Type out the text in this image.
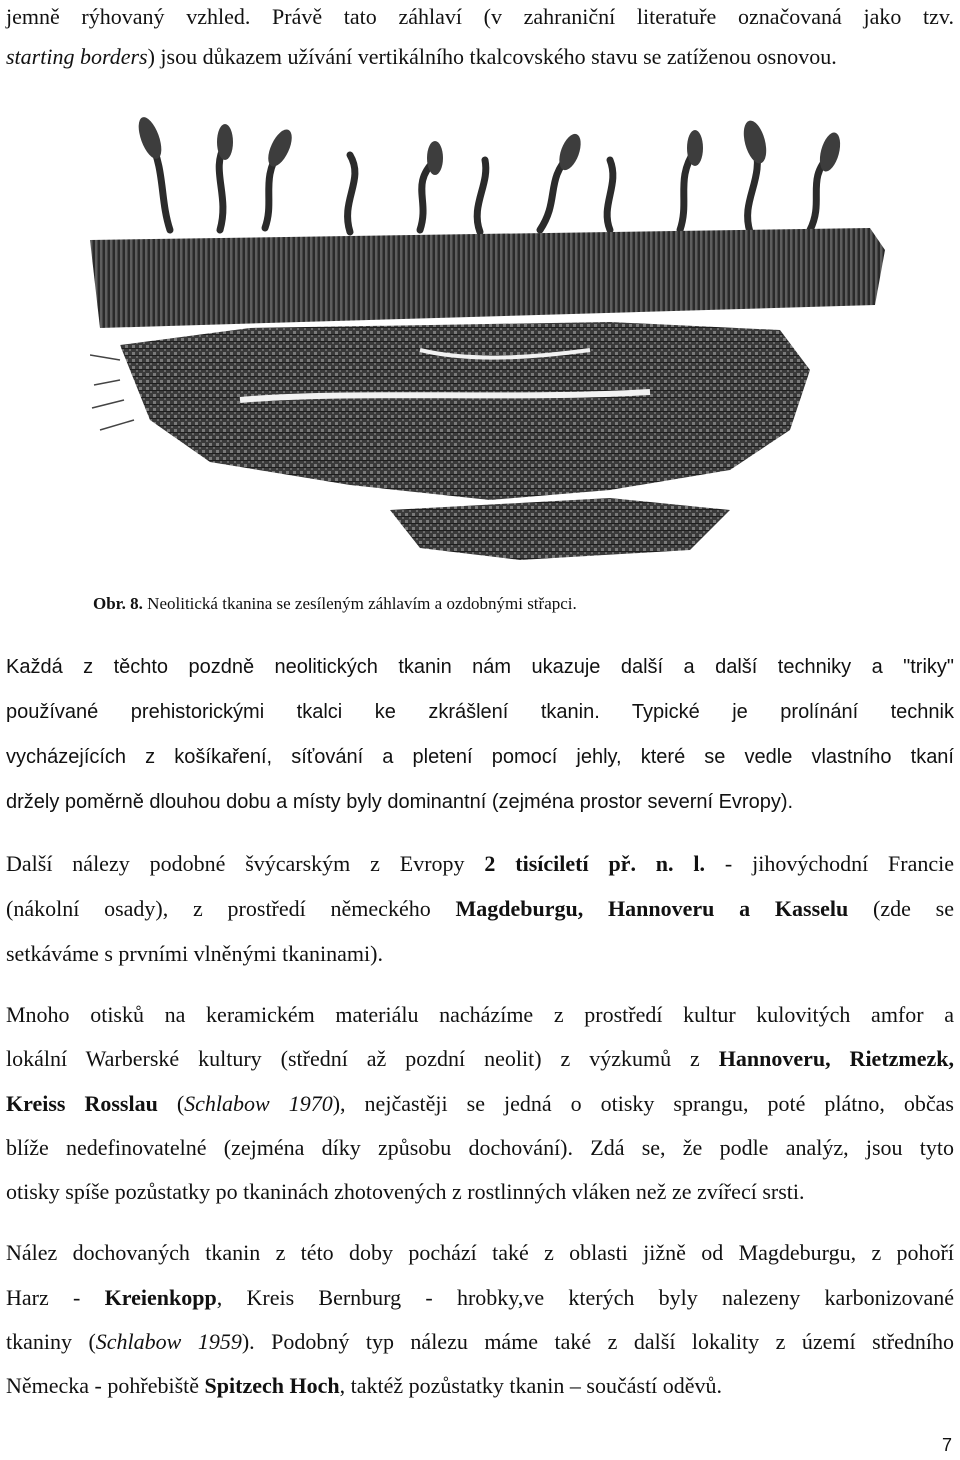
jemně rýhovaný vzhled. Právě tato záhlaví (v zahraniční literatuře označovaná jako tzv.
starting borders) jsou důkazem užívání vertikálního tkalcovského stavu se zatíženou osnovou.
Obr. 8. Neolitická tkanina se zesíleným záhlavím a ozdobnými střapci.
Každá z těchto pozdně neolitických tkanin nám ukazuje další a další techniky a "triky"
používané prehistorickými tkalci ke zkrášlení tkanin. Typické je prolínání technik
vycházejících z košíkaření, síťování a pletení pomocí jehly, které se vedle vlastního tkaní
držely poměrně dlouhou dobu a místy byly dominantní (zejména prostor severní Evropy).
Další nálezy podobné švýcarským z Evropy 2 tisíciletí př. n. l. - jihovýchodní Francie
(nákolní osady), z prostředí německého Magdeburgu, Hannoveru a Kasselu (zde se
setkáváme s prvními vlněnými tkaninami).
Mnoho otisků na keramickém materiálu nacházíme z prostředí kultur kulovitých amfor a
lokální Warberské kultury (střední až pozdní neolit) z výzkumů z Hannoveru, Rietzmezk,
Kreiss Rosslau (Schlabow 1970), nejčastěji se jedná o otisky sprangu, poté plátno, občas
blíže nedefinovatelné (zejména díky způsobu dochování). Zdá se, že podle analýz, jsou tyto
otisky spíše pozůstatky po tkaninách zhotovených z rostlinných vláken než ze zvířecí srsti.
Nález dochovaných tkanin z této doby pochází také z oblasti jižně od Magdeburgu, z pohoří
Harz - Kreienkopp, Kreis Bernburg - hrobky,ve kterých byly nalezeny karbonizované
tkaniny (Schlabow 1959). Podobný typ nálezu máme také z další lokality z území středního
Německa - pohřebiště Spitzech Hoch, taktéž pozůstatky tkanin – součástí oděvů.
7
